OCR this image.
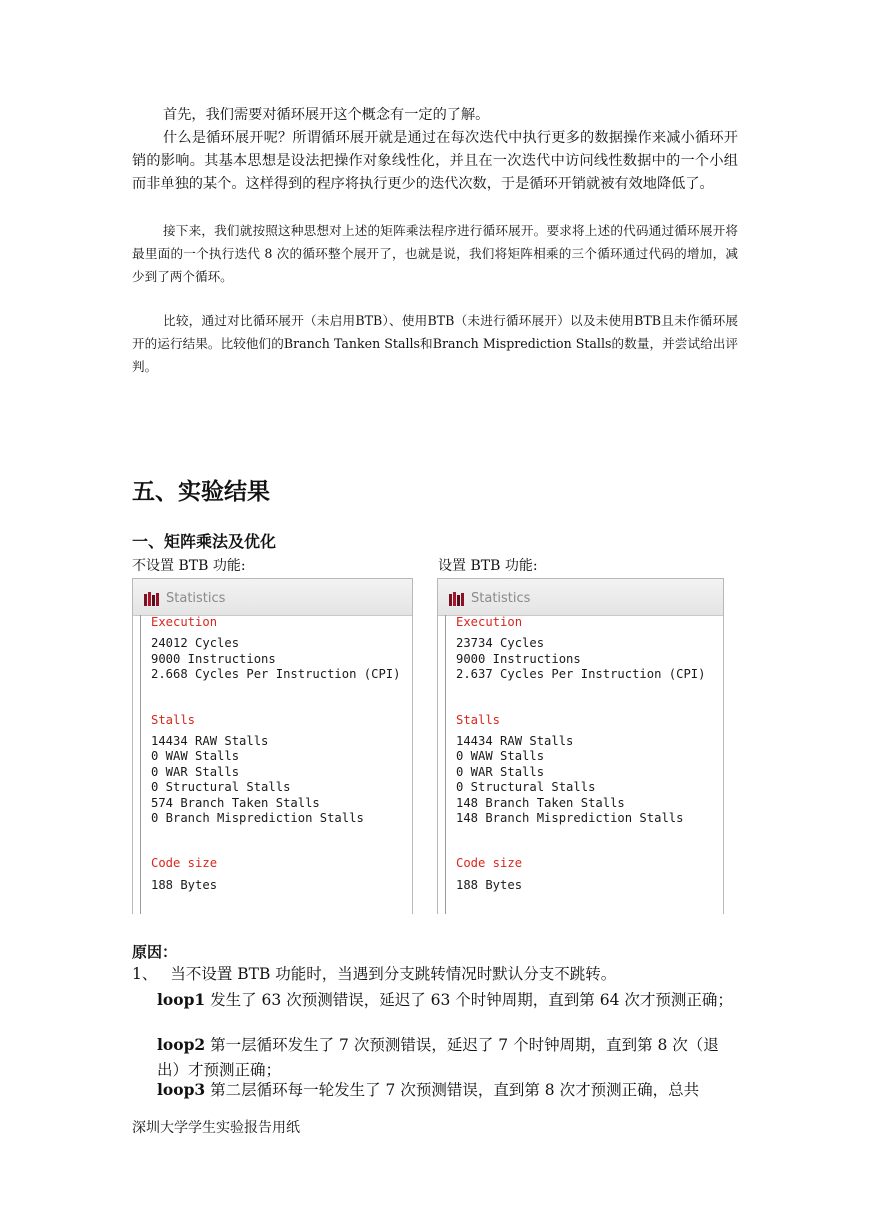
首先，我们需要对循环展开这个概念有一定的了解。

什么是循环展开呢？所谓循环展开就是通过在每次迭代中执行更多的数据操作来减小循环开销的影响。其基本思想是设法把操作对象线性化，并且在一次迭代中访问线性数据中的一个小组而非单独的某个。这样得到的程序将执行更少的迭代次数，于是循环开销就被有效地降低了。

接下来，我们就按照这种思想对上述的矩阵乘法程序进行循环展开。要求将上述的代码通过循环展开将最里面的一个执行迭代 8 次的循环整个展开了，也就是说，我们将矩阵相乘的三个循环通过代码的增加，减少到了两个循环。

比较，通过对比循环展开（未启用BTB）、使用BTB（未进行循环展开）以及未使用BTB且未作循环展开的运行结果。比较他们的Branch Tanken Stalls和Branch Misprediction Stalls的数量，并尝试给出评判。

五、实验结果
一、矩阵乘法及优化
不设置 BTB 功能:	设置 BTB 功能:
Statistics
Execution
24012 Cycles
9000 Instructions
2.668 Cycles Per Instruction (CPI)
Stalls
14434 RAW Stalls
0 WAW Stalls
0 WAR Stalls
0 Structural Stalls
574 Branch Taken Stalls
0 Branch Misprediction Stalls
Code size
188 Bytes
Statistics
Execution
23734 Cycles
9000 Instructions
2.637 Cycles Per Instruction (CPI)
Stalls
14434 RAW Stalls
0 WAW Stalls
0 WAR Stalls
0 Structural Stalls
148 Branch Taken Stalls
148 Branch Misprediction Stalls
Code size
188 Bytes

原因：

1、 当不设置 BTB 功能时，当遇到分支跳转情况时默认分支不跳转。

loop1 发生了 63 次预测错误，延迟了 63 个时钟周期，直到第 64 次才预测正确；

loop2 第一层循环发生了 7 次预测错误，延迟了 7 个时钟周期，直到第 8 次（退出）才预测正确；

loop3 第二层循环每一轮发生了 7 次预测错误，直到第 8 次才预测正确，总共

深圳大学学生实验报告用纸
